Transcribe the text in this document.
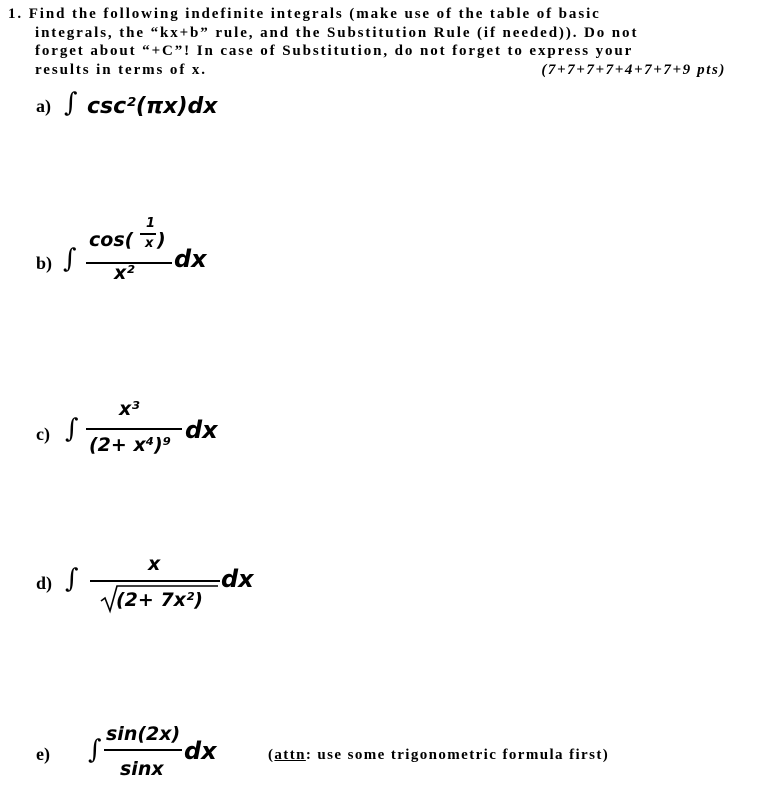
1. Find the following indefinite integrals (make use of the table of basic
integrals, the “kx+b” rule, and the Substitution Rule (if needed)). Do not
forget about “+C”! In case of Substitution, do not forget to express your
results in terms of x.	(7+7+7+7+4+7+7+9 pts)
a) ∫ csc²(πx)dx
b) ∫
cos(
1
x )
x² dx
c) ∫
x³
(2+ x⁴)⁹
dx
d) ∫	x
(2+ 7x²)
dx
e) ∫
sin(2x)
sinx
dx	(attn: use some trigonometric formula first)
